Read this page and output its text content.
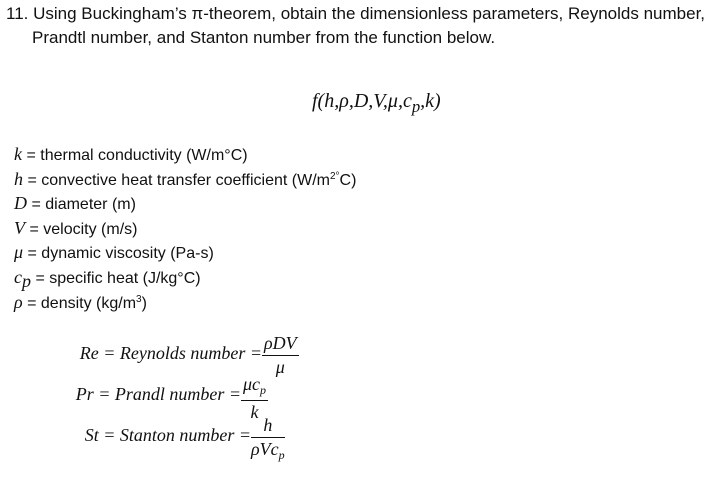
11. Using Buckingham’s π-theorem, obtain the dimensionless parameters, Reynolds number,
Prandtl number, and Stanton number from the function below.
$f(h,\rho,D,V,\mu,c_p,k)$
k = thermal conductivity (W/m°C)
h = convective heat transfer coefficient $(W/m^{2^\circ}C)$
D = diameter (m)
V = velocity (m/s)
μ = dynamic viscosity (Pa-s)
$c_p$ = specific heat (J/kg°C)
ρ = density $(kg/m^3)$
Re = Reynolds number = ρDV
μ
Pr = Prandl number = $\mu c_p$
k
St = Stanton number = h
ρVc$_p$
